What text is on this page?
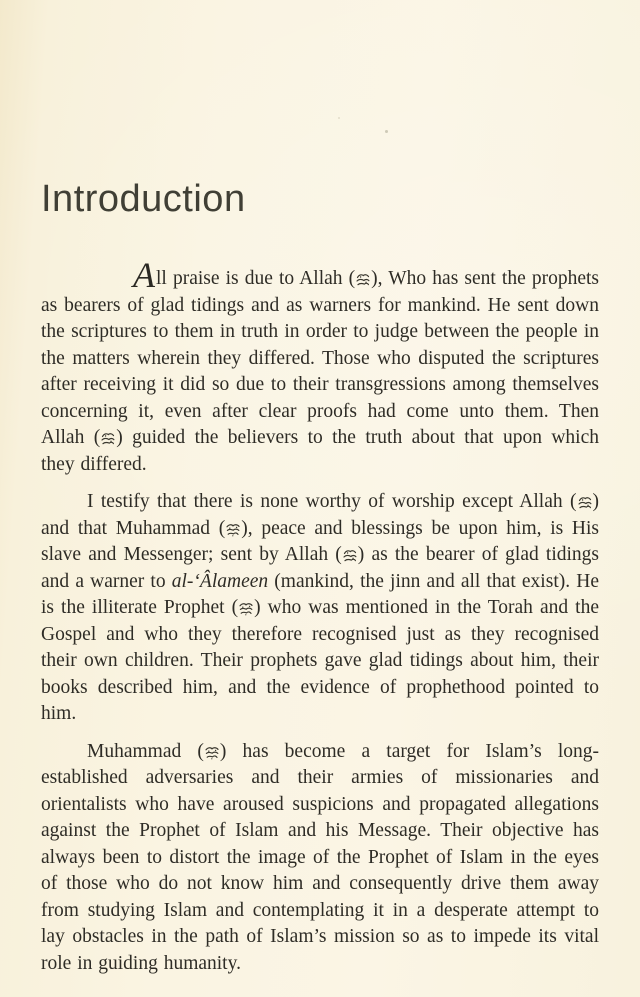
Introduction

All praise is due to Allah ( ), Who has sent the prophets as bearers of glad tidings and as warners for mankind. He sent down the scriptures to them in truth in order to judge between the people in the matters wherein they differed. Those who disputed the scriptures after receiving it did so due to their transgressions among themselves concerning it, even after clear proofs had come unto them. Then Allah ( ) guided the believers to the truth about that upon which they differed.

I testify that there is none worthy of worship except Allah ( ) and that Muhammad ( ), peace and blessings be upon him, is His slave and Messenger; sent by Allah ( ) as the bearer of glad tidings and a warner to al-‘Âlameen (mankind, the jinn and all that exist). He is the illiterate Prophet ( ) who was mentioned in the Torah and the Gospel and who they therefore recognised just as they recognised their own children. Their prophets gave glad tidings about him, their books described him, and the evidence of prophethood pointed to him.

Muhammad ( ) has become a target for Islam’s long-established adversaries and their armies of missionaries and orientalists who have aroused suspicions and propagated allegations against the Prophet of Islam and his Message. Their objective has always been to distort the image of the Prophet of Islam in the eyes of those who do not know him and consequently drive them away from studying Islam and contemplating it in a desperate attempt to lay obstacles in the path of Islam’s mission so as to impede its vital role in guiding humanity.
